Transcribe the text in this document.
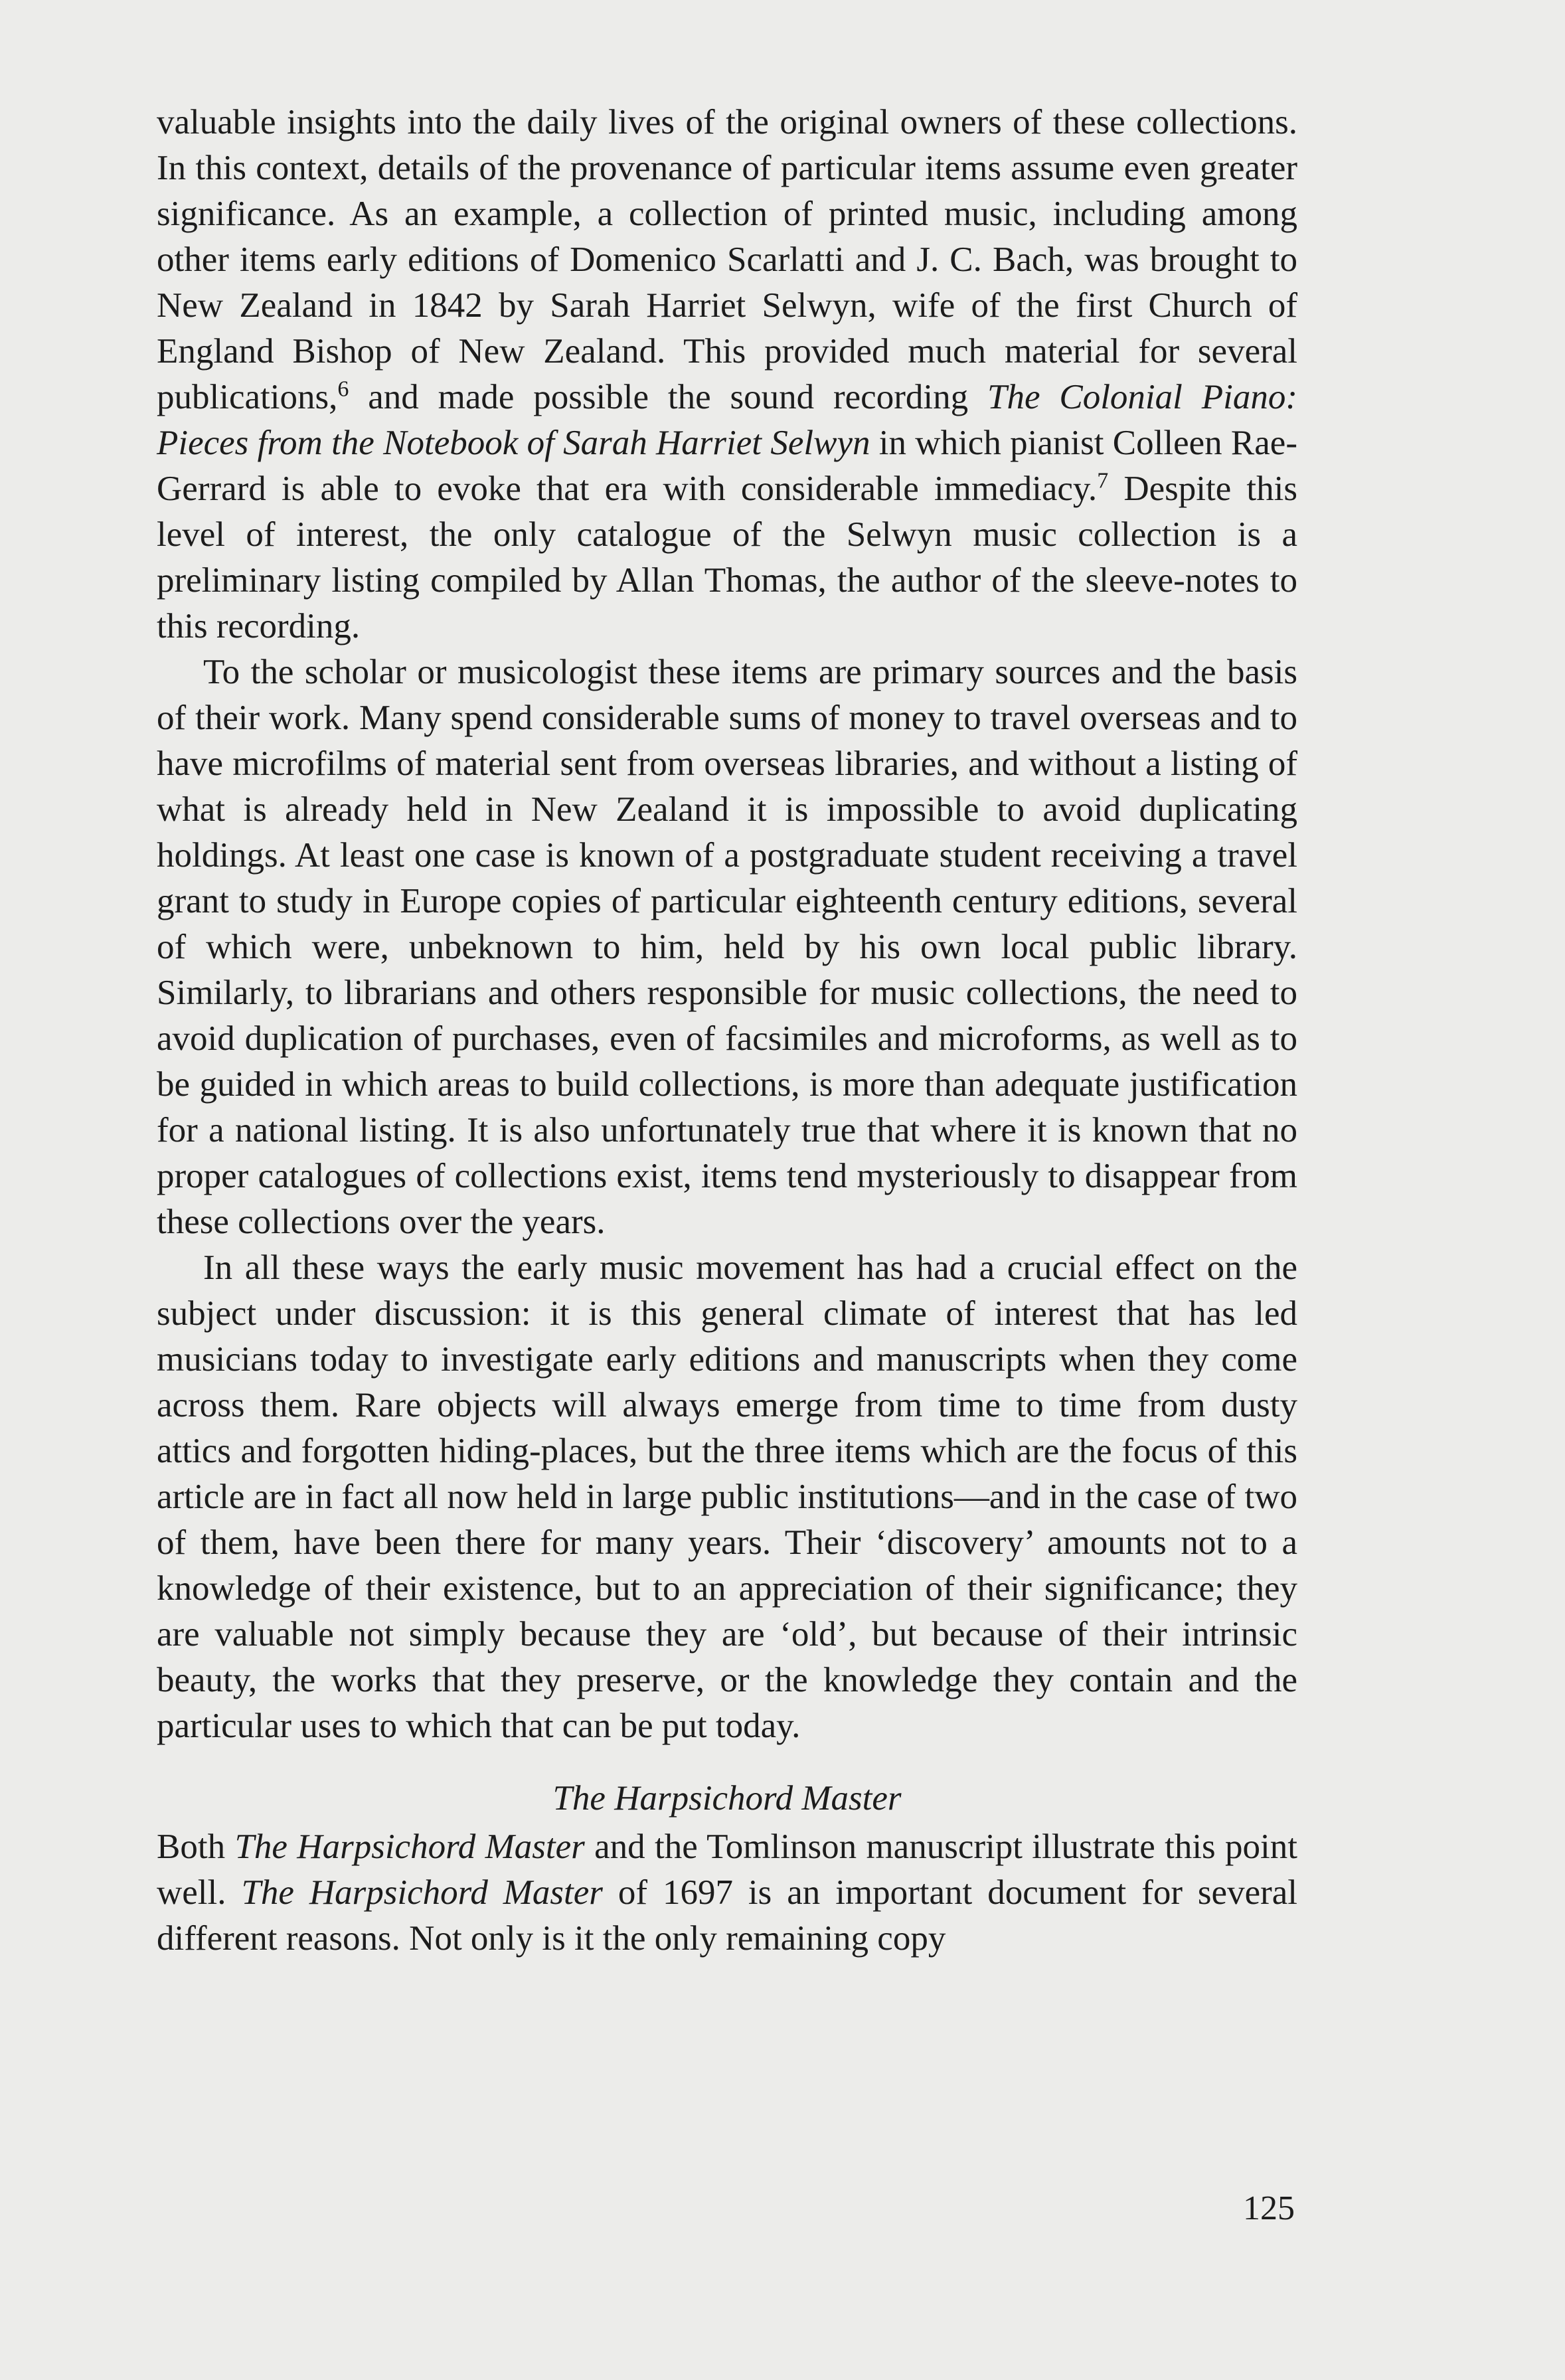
valuable insights into the daily lives of the original owners of these collections. In this context, details of the provenance of particular items assume even greater significance. As an example, a collection of printed music, including among other items early editions of Domenico Scarlatti and J. C. Bach, was brought to New Zealand in 1842 by Sarah Harriet Selwyn, wife of the first Church of England Bishop of New Zealand. This provided much material for several publications,$^6$ and made possible the sound recording The Colonial Piano: Pieces from the Notebook of Sarah Harriet Selwyn in which pianist Colleen Rae-Gerrard is able to evoke that era with considerable immediacy.$^7$ Despite this level of interest, the only catalogue of the Selwyn music collection is a preliminary listing compiled by Allan Thomas, the author of the sleeve-notes to this recording.

To the scholar or musicologist these items are primary sources and the basis of their work. Many spend considerable sums of money to travel overseas and to have microfilms of material sent from overseas libraries, and without a listing of what is already held in New Zealand it is impossible to avoid duplicating holdings. At least one case is known of a postgraduate student receiving a travel grant to study in Europe copies of particular eighteenth century editions, several of which were, unbeknown to him, held by his own local public library. Similarly, to librarians and others responsible for music collections, the need to avoid duplication of purchases, even of facsimiles and microforms, as well as to be guided in which areas to build collections, is more than adequate justification for a national listing. It is also unfortunately true that where it is known that no proper catalogues of collections exist, items tend mysteriously to disappear from these collections over the years.

In all these ways the early music movement has had a crucial effect on the subject under discussion: it is this general climate of interest that has led musicians today to investigate early editions and manuscripts when they come across them. Rare objects will always emerge from time to time from dusty attics and forgotten hiding-places, but the three items which are the focus of this article are in fact all now held in large public institutions—and in the case of two of them, have been there for many years. Their ‘discovery’ amounts not to a knowledge of their existence, but to an appreciation of their significance; they are valuable not simply because they are ‘old’, but because of their intrinsic beauty, the works that they preserve, or the knowledge they contain and the particular uses to which that can be put today.

The Harpsichord Master

Both The Harpsichord Master and the Tomlinson manuscript illustrate this point well. The Harpsichord Master of 1697 is an important document for several different reasons. Not only is it the only remaining copy

125
